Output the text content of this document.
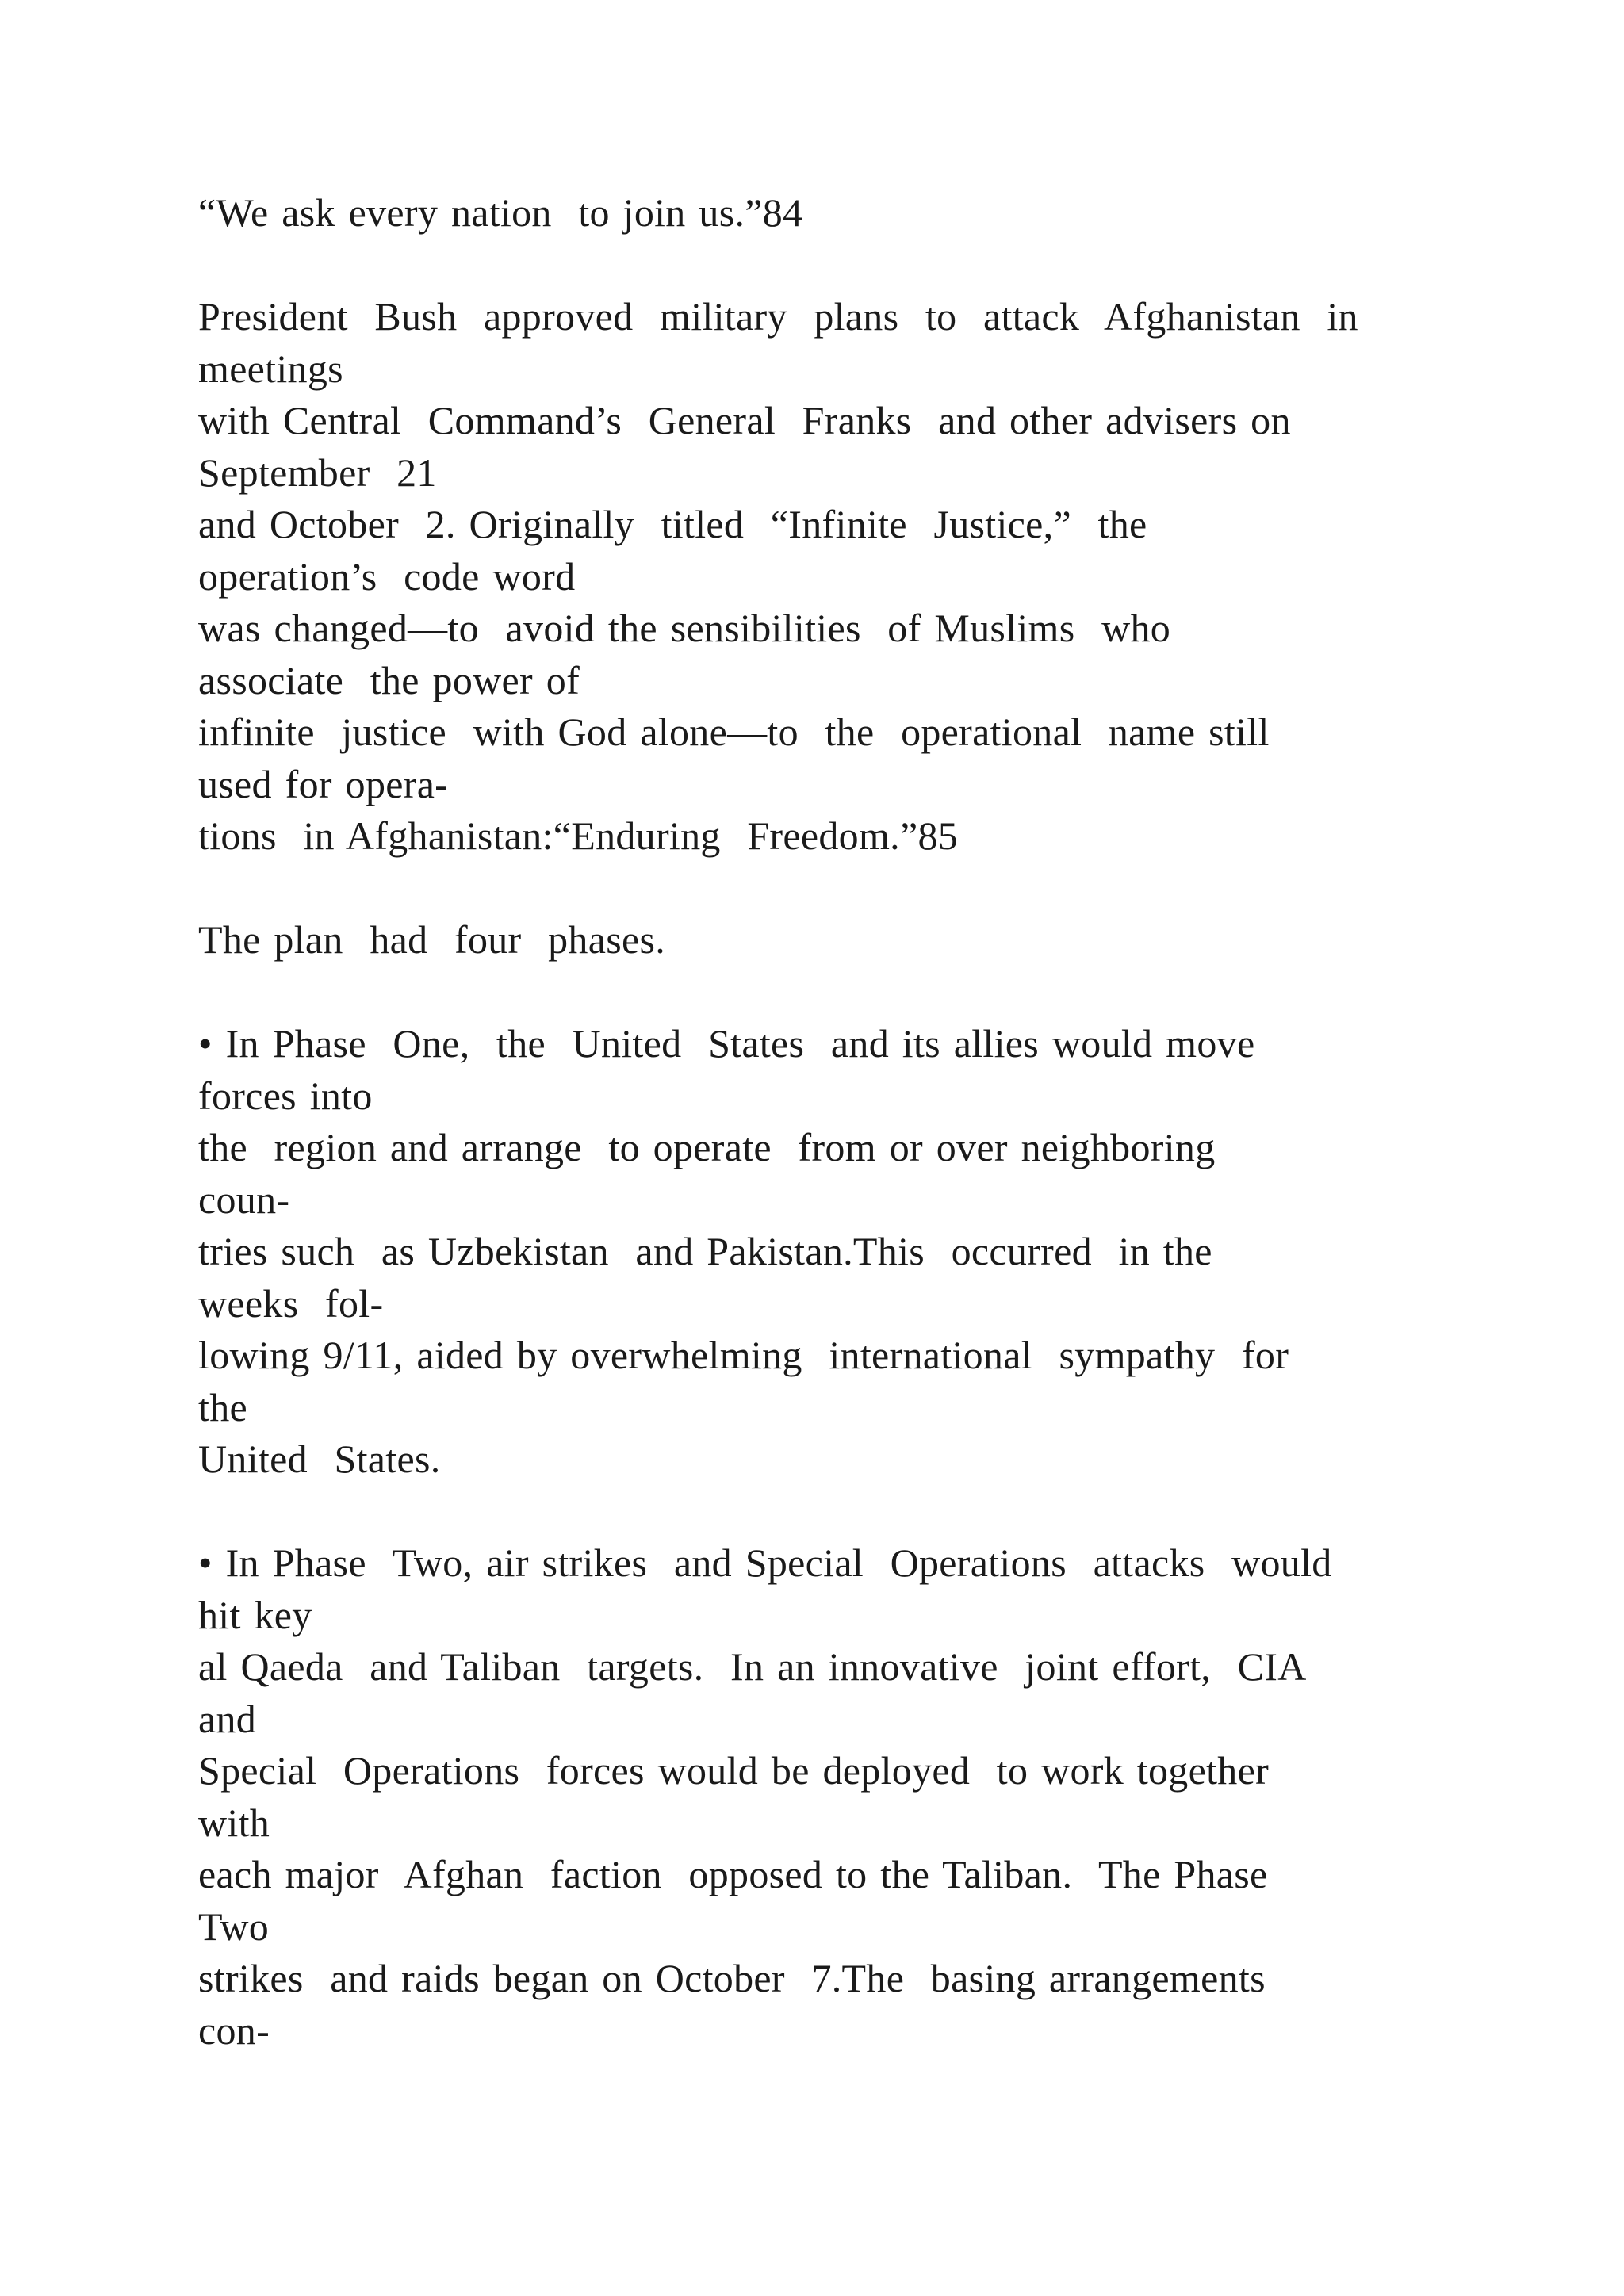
“We ask every nation  to join us.”84
President  Bush  approved  military  plans  to  attack  Afghanistan  in
meetings
with Central  Command’s  General  Franks  and other advisers on
September  21
and October  2. Originally  titled  “Infinite  Justice,”  the
operation’s  code word
was changed—to  avoid the sensibilities  of Muslims  who
associate  the power of
infinite  justice  with God alone—to  the  operational  name still
used for opera-
tions  in Afghanistan:“Enduring  Freedom.”85
The plan  had  four  phases.
• In Phase  One,  the  United  States  and its allies would move
forces into
the  region and arrange  to operate  from or over neighboring
coun-
tries such  as Uzbekistan  and Pakistan.This  occurred  in the
weeks  fol-
lowing 9/11, aided by overwhelming  international  sympathy  for
the
United  States.
• In Phase  Two, air strikes  and Special  Operations  attacks  would
hit key
al Qaeda  and Taliban  targets.  In an innovative  joint effort,  CIA
and
Special  Operations  forces would be deployed  to work together
with
each major  Afghan  faction  opposed to the Taliban.  The Phase
Two
strikes  and raids began on October  7.The  basing arrangements
con-
